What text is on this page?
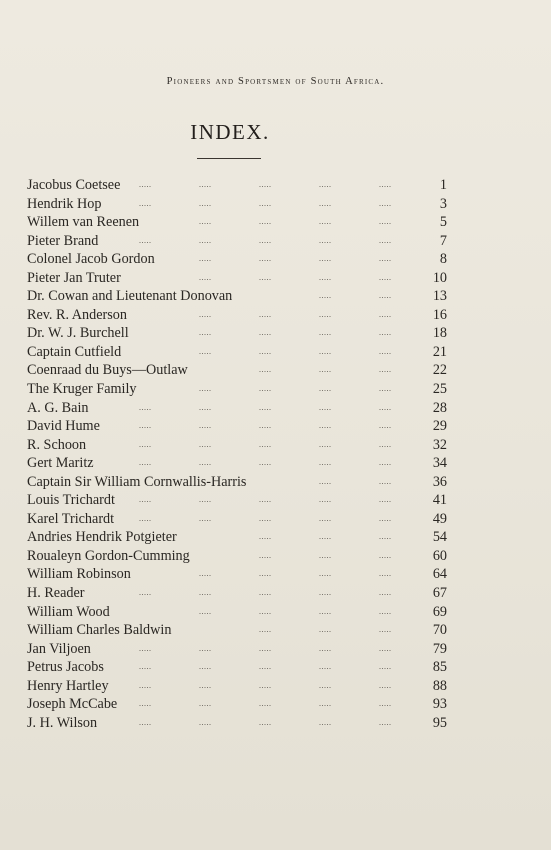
Pioneers and Sportsmen of South Africa.
INDEX.
.....	.....	.....	.....	.....
Jacobus Coetsee	1
.....	.....	.....	.....	.....
Hendrik Hop	3
.....	.....	.....	.....
Willem van Reenen	5
.....	.....	.....	.....	.....
Pieter Brand	7
.....	.....	.....	.....
Colonel Jacob Gordon	8
.....	.....	.....	.....
Pieter Jan Truter	10
.....	.....
Dr. Cowan and Lieutenant Donovan	13
.....	.....	.....	.....
Rev. R. Anderson	16
.....	.....	.....	.....
Dr. W. J. Burchell	18
.....	.....	.....	.....
Captain Cutfield	21
.....	.....	.....
Coenraad du Buys—Outlaw	22
.....	.....	.....	.....
The Kruger Family	25
.....	.....	.....	.....	.....
A. G. Bain	28
.....	.....	.....	.....	.....
David Hume	29
.....	.....	.....	.....	.....
R. Schoon	32
.....	.....	.....	.....	.....
Gert Maritz	34
.....	.....
Captain Sir William Cornwallis-Harris	36
.....	.....	.....	.....	.....
Louis Trichardt	41
.....	.....	.....	.....	.....
Karel Trichardt	49
.....	.....	.....
Andries Hendrik Potgieter	54
.....	.....	.....
Roualeyn Gordon-Cumming	60
.....	.....	.....	.....
William Robinson	64
.....	.....	.....	.....	.....
H. Reader	67
.....	.....	.....	.....
William Wood	69
.....	.....	.....
William Charles Baldwin	70
.....	.....	.....	.....	.....
Jan Viljoen	79
.....	.....	.....	.....	.....
Petrus Jacobs	85
.....	.....	.....	.....	.....
Henry Hartley	88
.....	.....	.....	.....	.....
Joseph McCabe	93
.....	.....	.....	.....	.....
J. H. Wilson	95
